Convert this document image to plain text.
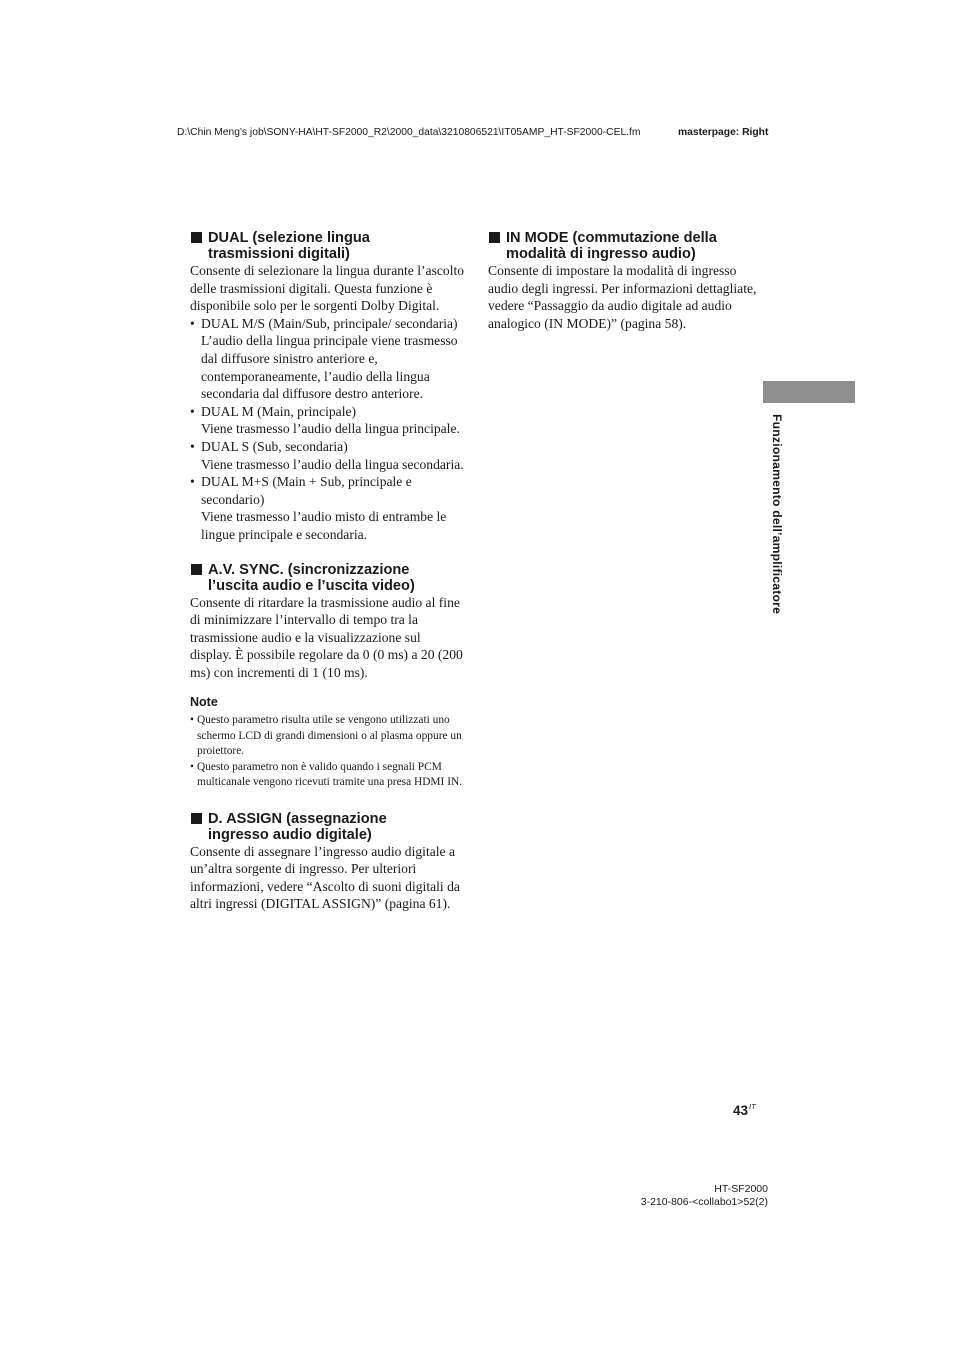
D:\Chin Meng's job\SONY-HA\HT-SF2000_R2\2000_data\3210806521\IT05AMP_HT-SF2000-CEL.fm	masterpage: Right
DUAL (selezione lingua
trasmissioni digitali)

Consente di selezionare la lingua durante l’ascolto delle trasmissioni digitali. Questa funzione è disponibile solo per le sorgenti Dolby Digital.

• DUAL M/S (Main/Sub, principale/ secondaria)
L’audio della lingua principale viene trasmesso dal diffusore sinistro anteriore e, contemporaneamente, l’audio della lingua secondaria dal diffusore destro anteriore.
• DUAL M (Main, principale)
Viene trasmesso l’audio della lingua principale.
• DUAL S (Sub, secondaria)
Viene trasmesso l’audio della lingua secondaria.
• DUAL M+S (Main + Sub, principale e secondario)
Viene trasmesso l’audio misto di entrambe le lingue principale e secondaria.
A.V. SYNC. (sincronizzazione
l’uscita audio e l’uscita video)

Consente di ritardare la trasmissione audio al fine di minimizzare l’intervallo di tempo tra la trasmissione audio e la visualizzazione sul display. È possibile regolare da 0 (0 ms) a 20 (200 ms) con incrementi di 1 (10 ms).

Note
• Questo parametro risulta utile se vengono utilizzati uno schermo LCD di grandi dimensioni o al plasma oppure un proiettore.
• Questo parametro non è valido quando i segnali PCM multicanale vengono ricevuti tramite una presa HDMI IN.
D. ASSIGN (assegnazione
ingresso audio digitale)

Consente di assegnare l’ingresso audio digitale a un’altra sorgente di ingresso. Per ulteriori informazioni, vedere “Ascolto di suoni digitali da altri ingressi (DIGITAL ASSIGN)” (pagina 61).

IN MODE (commutazione della
modalità di ingresso audio)

Consente di impostare la modalità di ingresso audio degli ingressi. Per informazioni dettagliate, vedere “Passaggio da audio digitale ad audio analogico (IN MODE)” (pagina 58).

Funzionamento dell’amplificatore
$43^{IT}$
HT-SF2000
3-210-806-<collabo1>52(2)
